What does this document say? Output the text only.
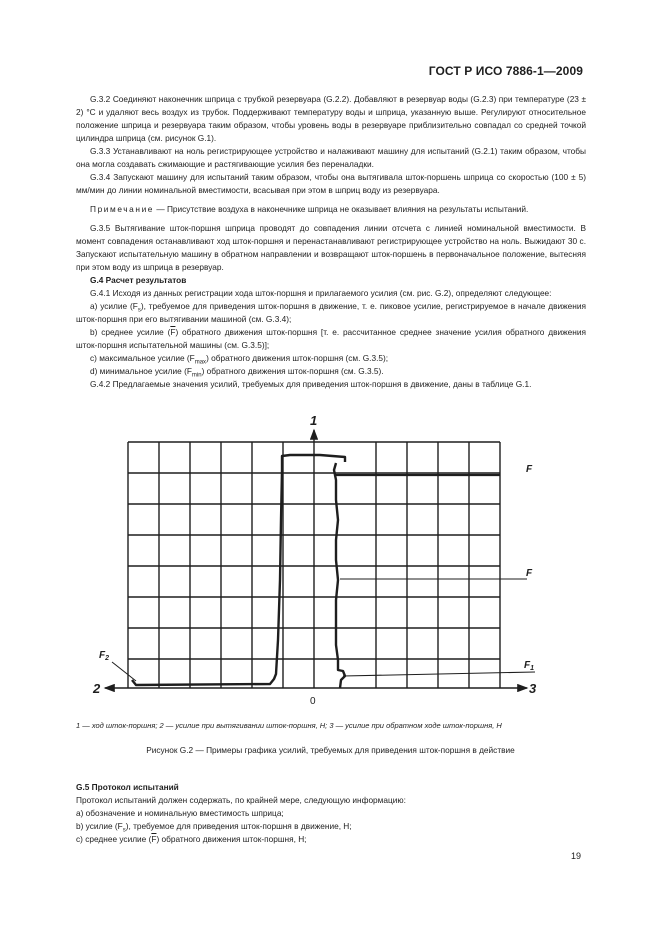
ГОСТ Р ИСО 7886-1—2009

G.3.2 Соединяют наконечник шприца с трубкой резервуара (G.2.2). Добавляют в резервуар воды (G.2.3) при температуре (23 ± 2) °C и удаляют весь воздух из трубок. Поддерживают температуру воды и шприца, указанную выше. Регулируют относительное положение шприца и резервуара таким образом, чтобы уровень воды в резервуаре приблизительно совпадал со средней точкой цилиндра шприца (см. рисунок G.1).

G.3.3 Устанавливают на ноль регистрирующее устройство и налаживают машину для испытаний (G.2.1) таким образом, чтобы она могла создавать сжимающие и растягивающие усилия без переналадки.

G.3.4 Запускают машину для испытаний таким образом, чтобы она вытягивала шток-поршень шприца со скоростью (100 ± 5) мм/мин до линии номинальной вместимости, всасывая при этом в шприц воду из резервуара.

Примечание — Присутствие воздуха в наконечнике шприца не оказывает влияния на результаты испытаний.

G.3.5 Вытягивание шток-поршня шприца проводят до совпадения линии отсчета с линией номинальной вместимости. В момент совпадения останавливают ход шток-поршня и перенастанавливают регистрирующее устройство на ноль. Выжидают 30 с. Запускают испытательную машину в обратном направлении и возвращают шток-поршень в первоначальное положение, вытесняя при этом воду из шприца в резервуар.

G.4 Расчет результатов

G.4.1 Исходя из данных регистрации хода шток-поршня и прилагаемого усилия (см. рис. G.2), определяют следующее:

а) усилие $(F_s)$, требуемое для приведения шток-поршня в движение, т. е. пиковое усилие, регистрируемое в начале движения шток-поршня при его вытягивании машиной (см. G.3.4);

b) среднее усилие $(\overline{F})$ обратного движения шток-поршня [т. е. рассчитанное среднее значение усилия обратного движения шток-поршня испытательной машины (см. G.3.5)];

с) максимальное усилие $(F_{max})$ обратного движения шток-поршня (см. G.3.5);

d) минимальное усилие $(F_{min})$ обратного движения шток-поршня (см. G.3.5).

G.4.2 Предлагаемые значения усилий, требуемых для приведения шток-поршня в движение, даны в таблице G.1.

1
2	3
0
F
F
$F_2$
$F_1$
1 — ход шток-поршня; 2 — усилие при вытягивании шток-поршня, Н; 3 — усилие при обратном ходе шток-поршня, Н
Рисунок G.2 — Примеры графика усилий, требуемых для приведения шток-поршня в действие

G.5 Протокол испытаний

Протокол испытаний должен содержать, по крайней мере, следующую информацию:

а) обозначение и номинальную вместимость шприца;

b) усилие $(F_s)$, требуемое для приведения шток-поршня в движение, Н;

с) среднее усилие $(\overline{F})$ обратного движения шток-поршня, Н;

19
